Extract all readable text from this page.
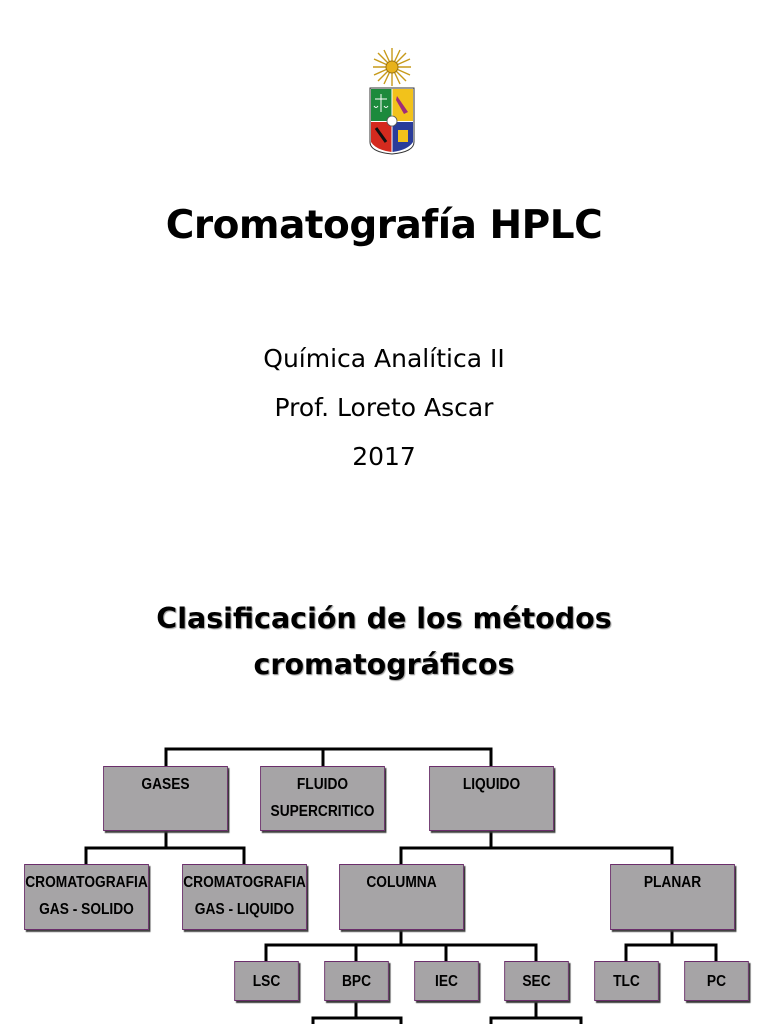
Cromatografía HPLC
Química Analítica II
Prof. Loreto Ascar
2017
Clasificación de los métodos
cromatográficos
GASES	FLUIDO
SUPERCRITICO
LIQUIDO
CROMATOGRAFIA
GAS - SOLIDO
CROMATOGRAFIA
GAS - LIQUIDO
COLUMNA	PLANAR
LSC	BPC	IEC	SEC	TLC	PC
